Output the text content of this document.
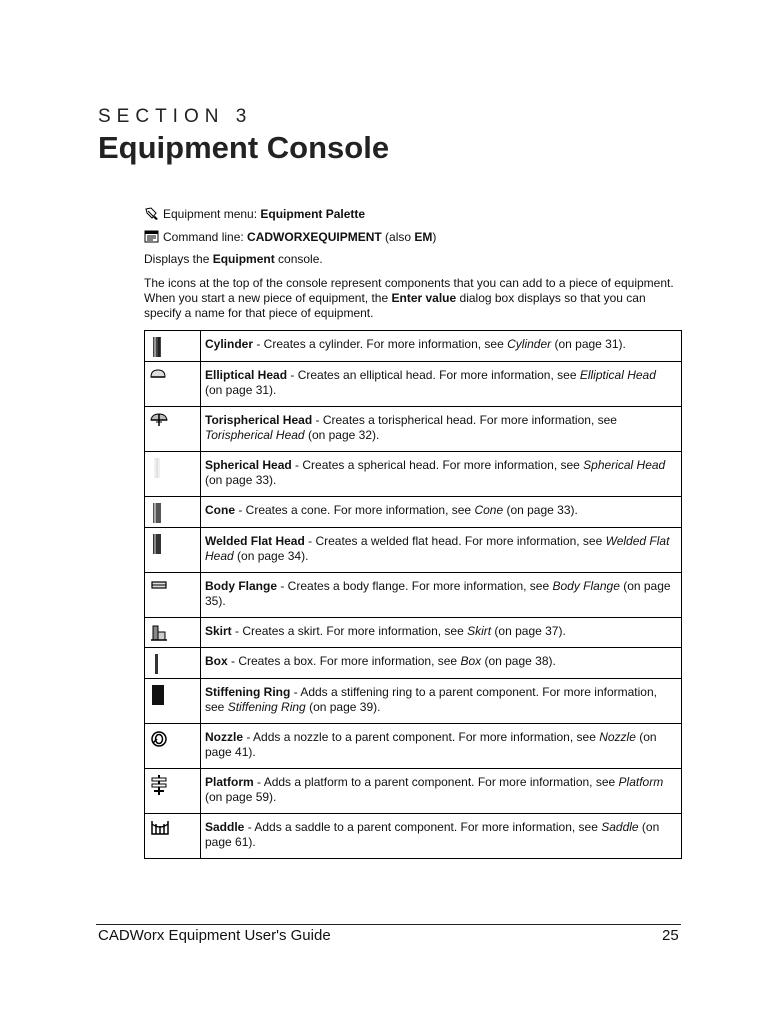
SECTION 3
Equipment Console
Equipment menu: Equipment Palette
Command line: CADWORXEQUIPMENT (also EM )

Displays the Equipment console.

The icons at the top of the console represent components that you can add to a piece of equipment. When you start a new piece of equipment, the Enter value dialog box displays so that you can specify a name for that piece of equipment.

	Cylinder - Creates a cylinder. For more information, see Cylinder (on page 31).

	Elliptical Head - Creates an elliptical head. For more information, see Elliptical Head (on page 31).

	Torispherical Head - Creates a torispherical head. For more information, see Torispherical Head (on page 32).

	Spherical Head - Creates a spherical head. For more information, see Spherical Head (on page 33).

	Cone - Creates a cone. For more information, see Cone (on page 33).

	Welded Flat Head - Creates a welded flat head. For more information, see Welded Flat Head (on page 34).

	Body Flange - Creates a body flange. For more information, see Body Flange (on page 35).

	Skirt - Creates a skirt. For more information, see Skirt (on page 37).

	Box - Creates a box. For more information, see Box (on page 38).

	Stiffening Ring - Adds a stiffening ring to a parent component. For more information, see Stiffening Ring (on page 39).

	Nozzle - Adds a nozzle to a parent component. For more information, see Nozzle (on page 41).

	Platform - Adds a platform to a parent component. For more information, see Platform (on page 59).

	Saddle - Adds a saddle to a parent component. For more information, see Saddle (on page 61).
CADWorx Equipment User's Guide	25
